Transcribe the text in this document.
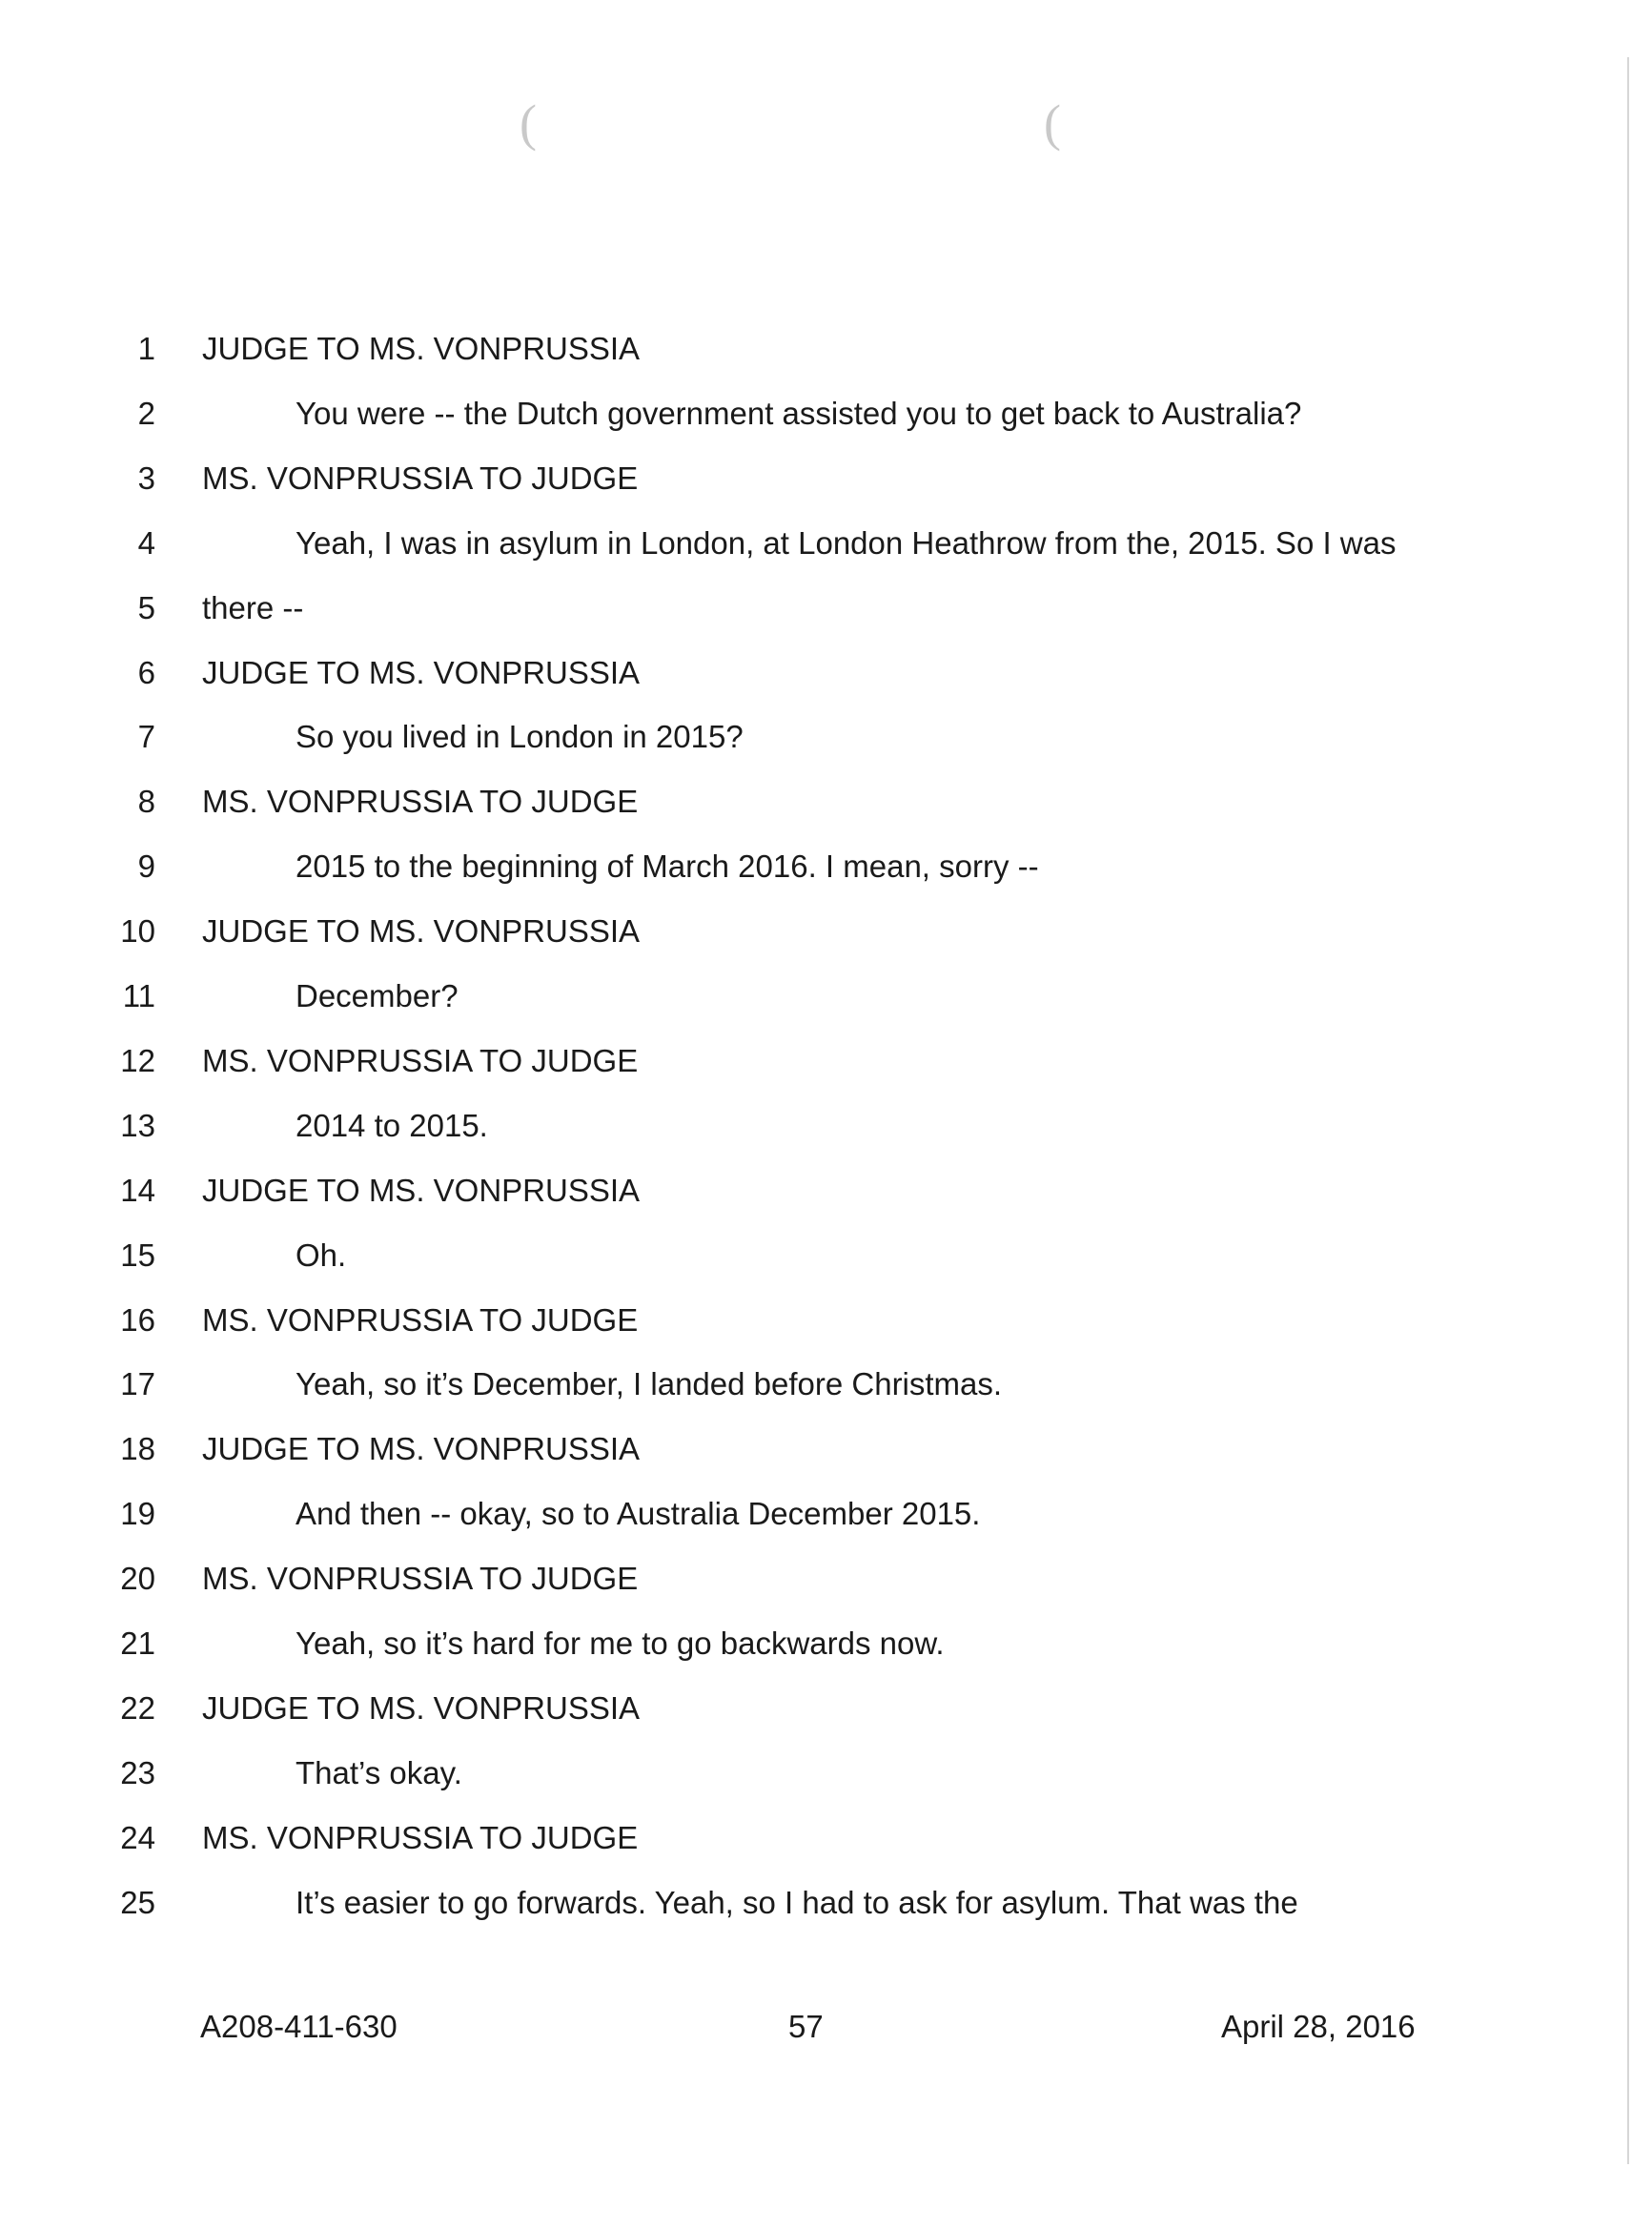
(	(
1 JUDGE TO MS. VONPRUSSIA
2	You were -- the Dutch government assisted you to get back to Australia?
3 MS. VONPRUSSIA TO JUDGE
4	Yeah, I was in asylum in London, at London Heathrow from the, 2015. So I was
5 there --
6 JUDGE TO MS. VONPRUSSIA
7	So you lived in London in 2015?
8 MS. VONPRUSSIA TO JUDGE
9	2015 to the beginning of March 2016. I mean, sorry --
10 JUDGE TO MS. VONPRUSSIA
11	December?
12 MS. VONPRUSSIA TO JUDGE
13	2014 to 2015.
14 JUDGE TO MS. VONPRUSSIA
15	Oh.
16 MS. VONPRUSSIA TO JUDGE
17	Yeah, so it’s December, I landed before Christmas.
18 JUDGE TO MS. VONPRUSSIA
19	And then -- okay, so to Australia December 2015.
20 MS. VONPRUSSIA TO JUDGE
21	Yeah, so it’s hard for me to go backwards now.
22 JUDGE TO MS. VONPRUSSIA
23	That’s okay.
24 MS. VONPRUSSIA TO JUDGE
25	It’s easier to go forwards. Yeah, so I had to ask for asylum. That was the
A208-411-630	57	April 28, 2016
